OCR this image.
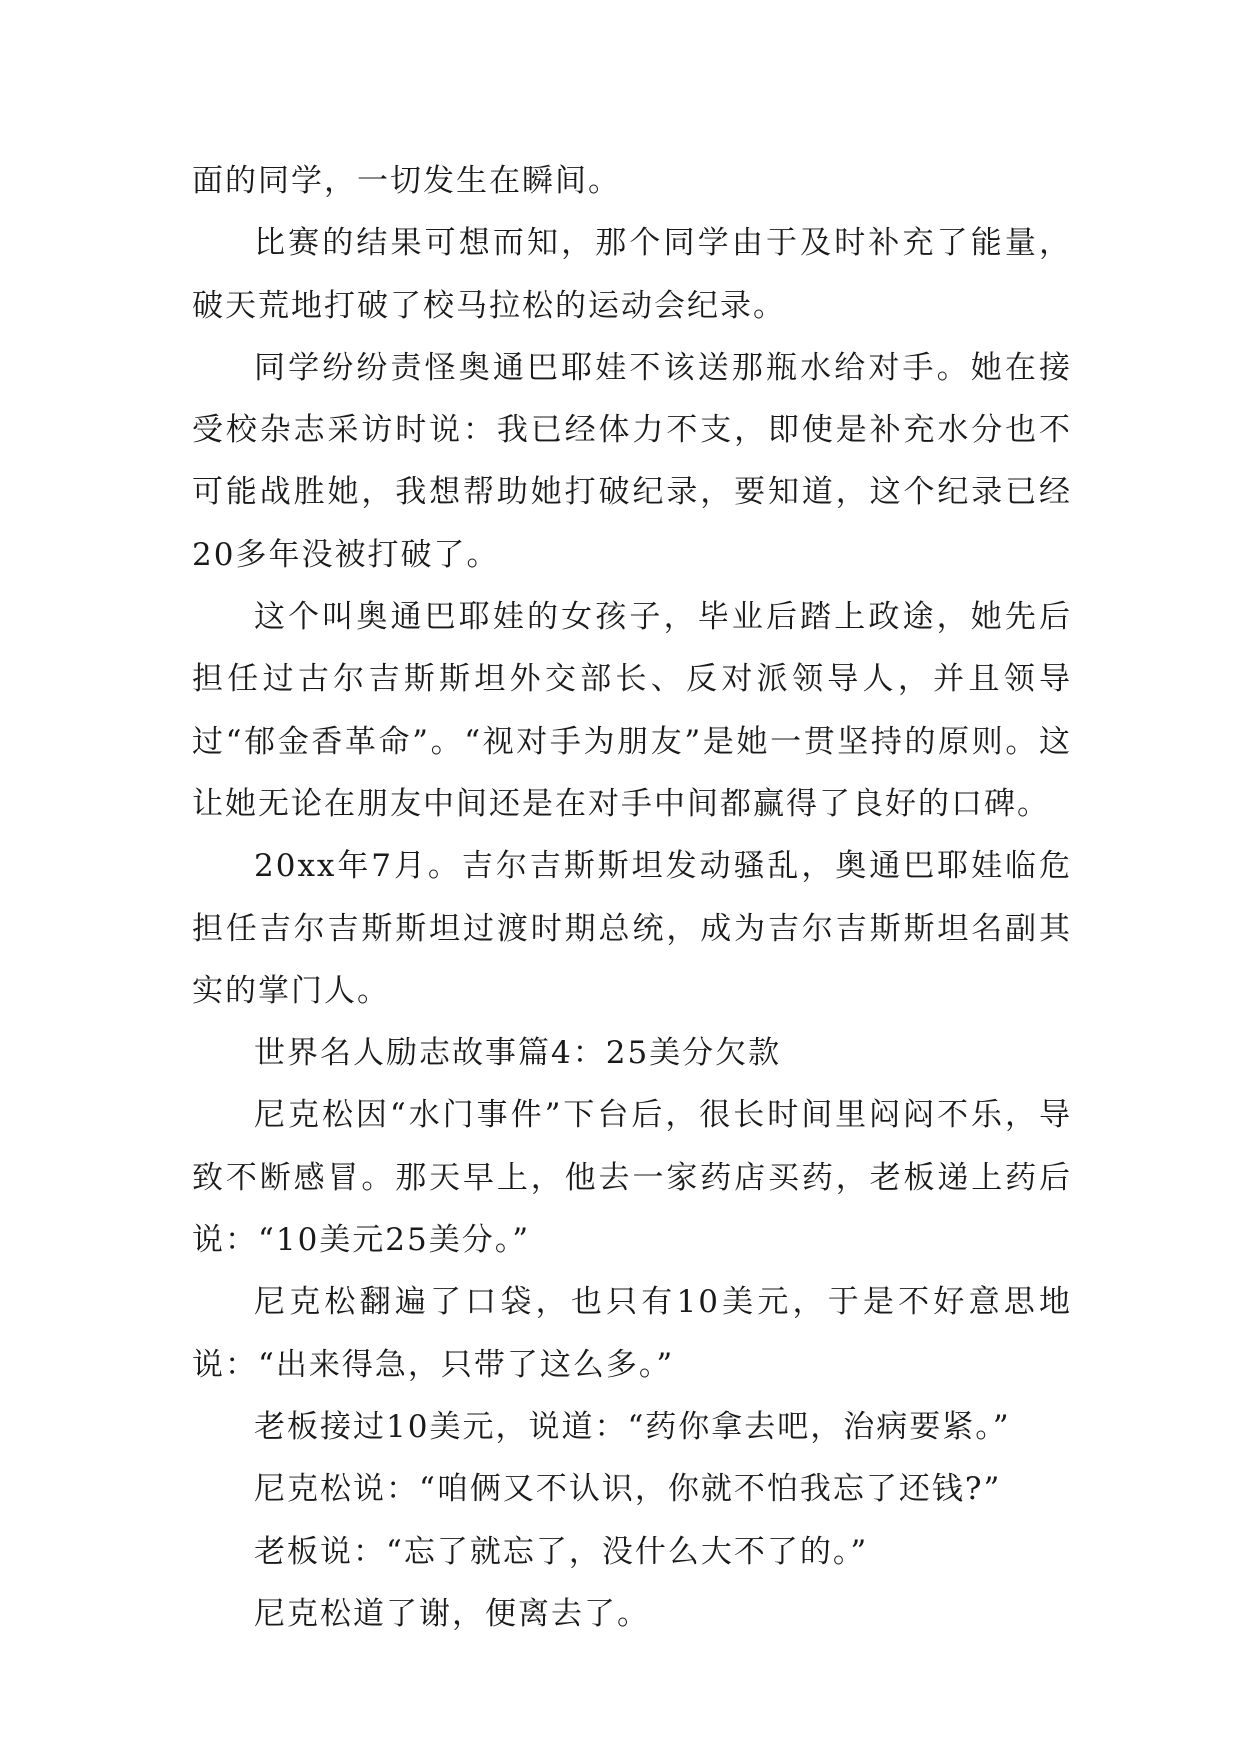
面的同学，一切发生在瞬间。

比赛的结果可想而知，那个同学由于及时补充了能量，破天荒地打破了校马拉松的运动会纪录。

同学纷纷责怪奥通巴耶娃不该送那瓶水给对手。她在接受校杂志采访时说：我已经体力不支，即使是补充水分也不可能战胜她，我想帮助她打破纪录，要知道，这个纪录已经20多年没被打破了。

这个叫奥通巴耶娃的女孩子，毕业后踏上政途，她先后担任过古尔吉斯斯坦外交部长、反对派领导人，并且领导过“郁金香革命”。“视对手为朋友”是她一贯坚持的原则。这让她无论在朋友中间还是在对手中间都赢得了良好的口碑。

20xx年7月。吉尔吉斯斯坦发动骚乱，奥通巴耶娃临危担任吉尔吉斯斯坦过渡时期总统，成为吉尔吉斯斯坦名副其实的掌门人。

世界名人励志故事篇4：25美分欠款

尼克松因“水门事件”下台后，很长时间里闷闷不乐，导致不断感冒。那天早上，他去一家药店买药，老板递上药后说：“10美元25美分。”

尼克松翻遍了口袋，也只有10美元，于是不好意思地说：“出来得急，只带了这么多。”

老板接过10美元，说道：“药你拿去吧，治病要紧。”

尼克松说：“咱俩又不认识，你就不怕我忘了还钱?”

老板说：“忘了就忘了，没什么大不了的。”

尼克松道了谢，便离去了。
